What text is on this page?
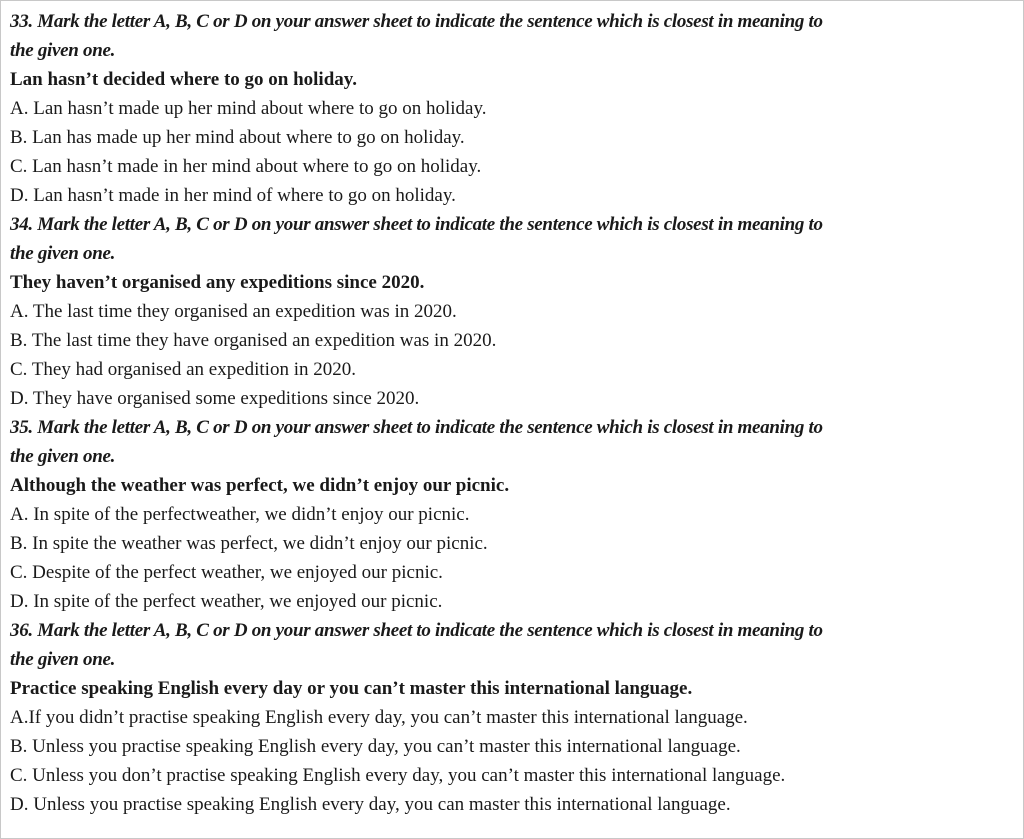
33. Mark the letter A, B, C or D on your answer sheet to indicate the sentence which is closest in meaning to

the given one.

Lan hasn’t decided where to go on holiday.

A. Lan hasn’t made up her mind about where to go on holiday.

B. Lan has made up her mind about where to go on holiday.

C. Lan hasn’t made in her mind about where to go on holiday.

D. Lan hasn’t made in her mind of where to go on holiday.

34. Mark the letter A, B, C or D on your answer sheet to indicate the sentence which is closest in meaning to

the given one.

They haven’t organised any expeditions since 2020.

A. The last time they organised an expedition was in 2020.

B. The last time they have organised an expedition was in 2020.

C. They had organised an expedition in 2020.

D. They have organised some expeditions since 2020.

35. Mark the letter A, B, C or D on your answer sheet to indicate the sentence which is closest in meaning to

the given one.

Although the weather was perfect, we didn’t enjoy our picnic.

A. In spite of the perfectweather, we didn’t enjoy our picnic.

B. In spite the weather was perfect, we didn’t enjoy our picnic.

C. Despite of the perfect weather, we enjoyed our picnic.

D. In spite of the perfect weather, we enjoyed our picnic.

36. Mark the letter A, B, C or D on your answer sheet to indicate the sentence which is closest in meaning to

the given one.

Practice speaking English every day or you can’t master this international language.

A.If you didn’t practise speaking English every day, you can’t master this international language.

B. Unless you practise speaking English every day, you can’t master this international language.

C. Unless you don’t practise speaking English every day, you can’t master this international language.

D. Unless you practise speaking English every day, you can master this international language.
